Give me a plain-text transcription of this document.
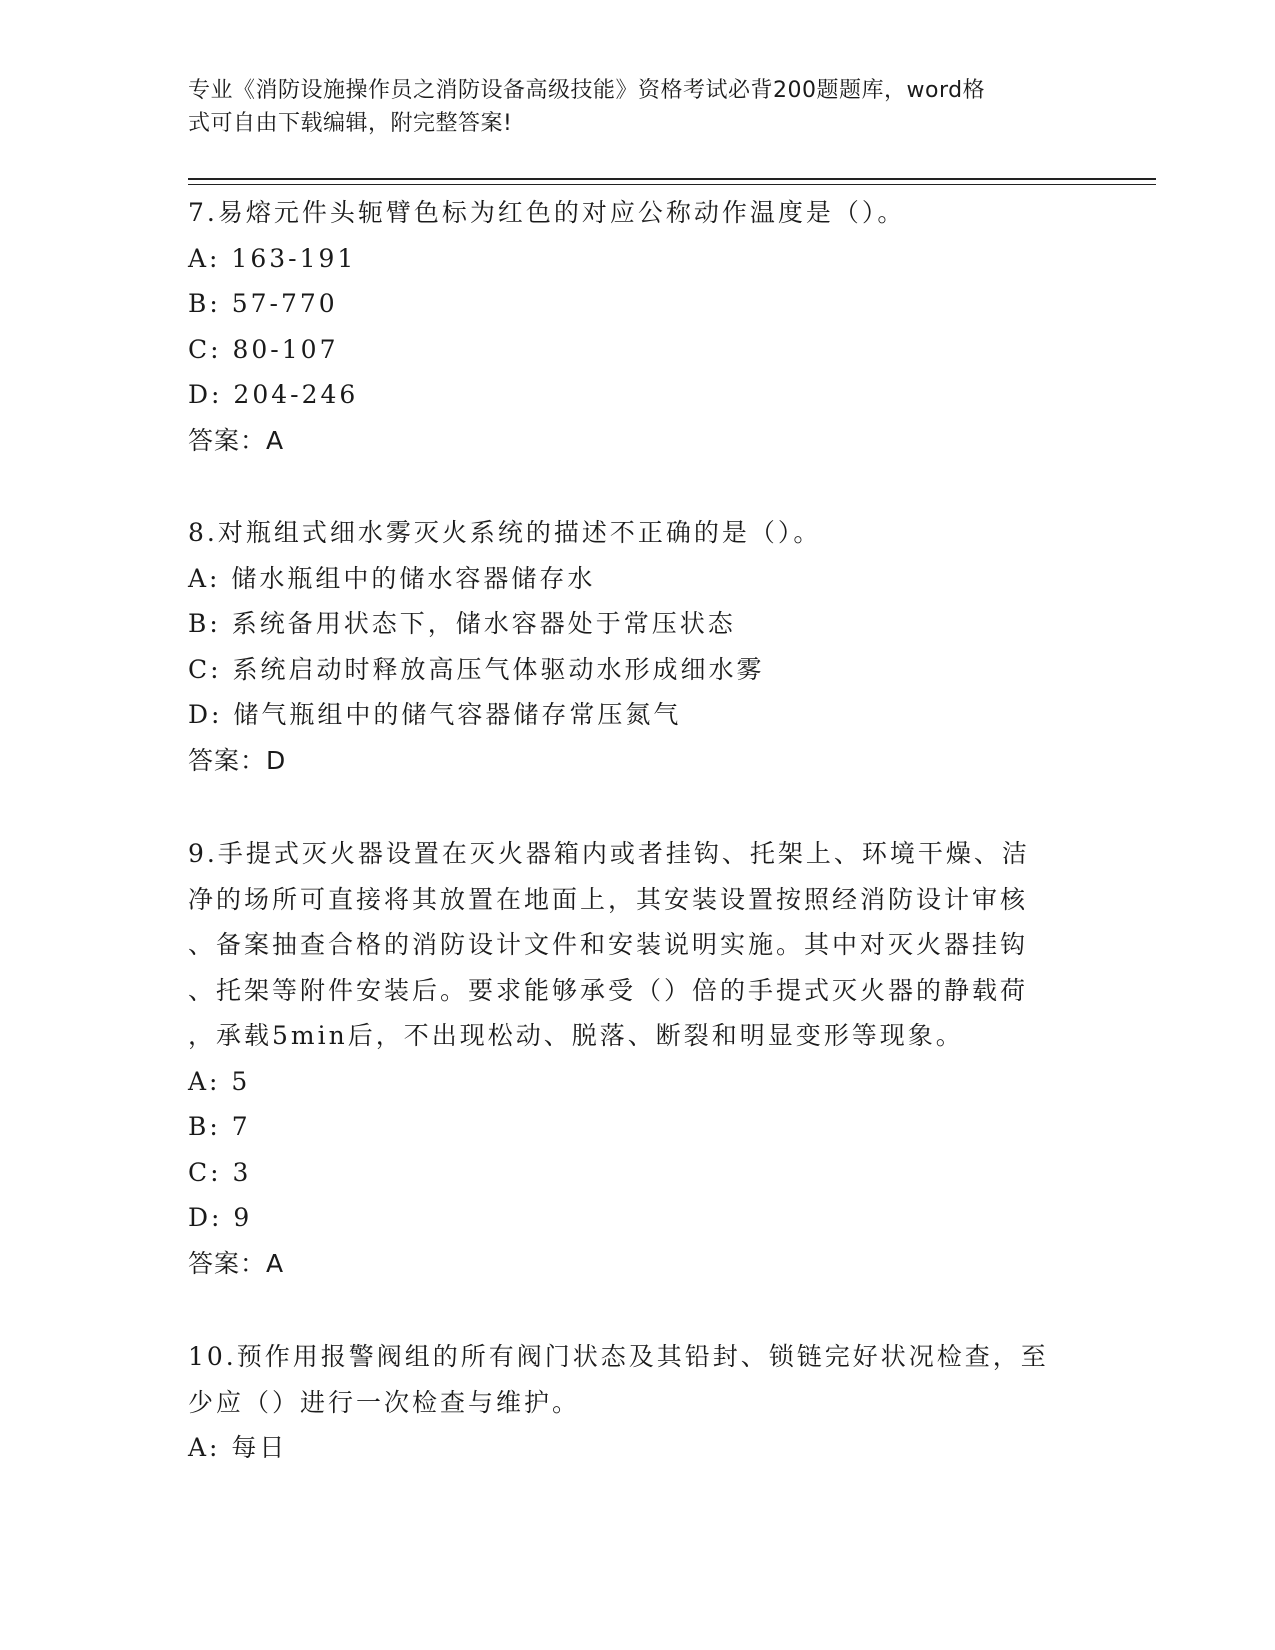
专业《消防设施操作员之消防设备高级技能》资格考试必背200题题库，word格
式可自由下载编辑，附完整答案!

7.易熔元件头轭臂色标为红色的对应公称动作温度是（）。

A: 163-191

B: 57-770

C: 80-107

D: 204-246

答案：A

8.对瓶组式细水雾灭火系统的描述不正确的是（）。

A: 储水瓶组中的储水容器储存水

B: 系统备用状态下，储水容器处于常压状态

C: 系统启动时释放高压气体驱动水形成细水雾

D: 储气瓶组中的储气容器储存常压氮气

答案：D

9.手提式灭火器设置在灭火器箱内或者挂钩、托架上、环境干燥、洁

净的场所可直接将其放置在地面上，其安装设置按照经消防设计审核

、备案抽查合格的消防设计文件和安装说明实施。其中对灭火器挂钩

、托架等附件安装后。要求能够承受（）倍的手提式灭火器的静载荷

，承载5min后，不出现松动、脱落、断裂和明显变形等现象。

A: 5

B: 7

C: 3

D: 9

答案：A

10.预作用报警阀组的所有阀门状态及其铅封、锁链完好状况检查，至

少应（）进行一次检查与维护。

A: 每日
